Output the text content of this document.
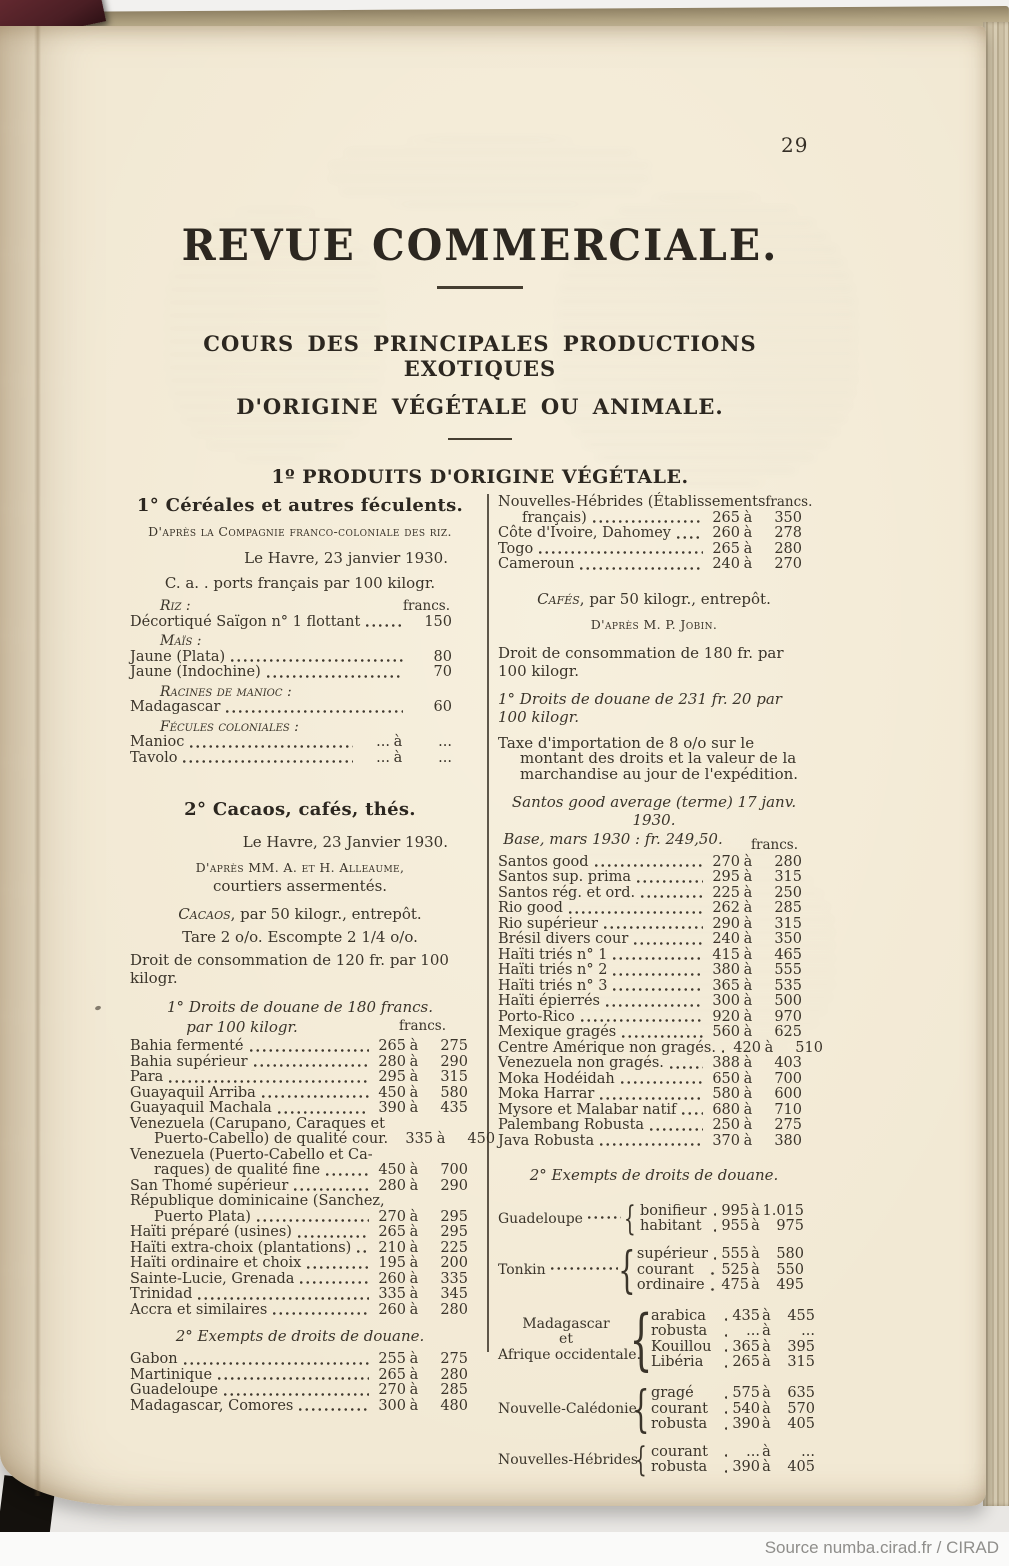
29
REVUE COMMERCIALE.
COURS DES PRINCIPALES PRODUCTIONS EXOTIQUES
D'ORIGINE VÉGÉTALE OU ANIMALE.
1º PRODUITS D'ORIGINE VÉGÉTALE.
1° Céréales et autres féculents.
D'après la Compagnie franco-coloniale des riz.
Le Havre, 23 janvier 1930.
C. a. . ports français par 100 kilogr.
Riz :	francs.
Décortiqué Saïgon n° 1 flottant	150
Maïs :
Jaune (Plata)	80
Jaune (Indochine)	70
Racines de manioc :
Madagascar	60
Fécules coloniales :
Manioc	... à	...
Tavolo	... à	...
2° Cacaos, cafés, thés.
Le Havre, 23 Janvier 1930.
D'après MM. A. et H. Alleaume,
courtiers assermentés.
Cacaos, par 50 kilogr., entrepôt.
Tare 2 o/o. Escompte 2 1/4 o/o.
Droit de consommation de 120 fr. par 100 kilogr.
1° Droits de douane de 180 francs.
par 100 kilogr.	francs.
Bahia fermenté	265 à	275
Bahia supérieur	280 à	290
Para	295 à	315
Guayaquil Arriba	450 à	580
Guayaquil Machala	390 à	435
Venezuela (Carupano, Caraques et
Puerto-Cabello) de qualité cour.	335 à	450
Venezuela (Puerto-Cabello et Ca-
raques) de qualité fine	450 à	700
San Thomé supérieur	280 à	290
République dominicaine (Sanchez,
Puerto Plata)	270 à	295
Haïti préparé (usines)	265 à	295
Haïti extra-choix (plantations)	210 à	225
Haïti ordinaire et choix	195 à	200
Sainte-Lucie, Grenada	260 à	335
Trinidad	335 à	345
Accra et similaires	260 à	280
2° Exempts de droits de douane.
Gabon	255 à	275
Martinique	265 à	280
Guadeloupe	270 à	285
Madagascar, Comores	300 à	480
Nouvelles-Hébrides (Établissements francs.
français)	265 à	350
Côte d'Ivoire, Dahomey	260 à	278
Togo	265 à	280
Cameroun	240 à	270
Cafés, par 50 kilogr., entrepôt.
D'après M. P. Jobin.
Droit de consommation de 180 fr. par 100 kilogr.
1° Droits de douane de 231 fr. 20 par 100 kilogr.
Taxe d'importation de 8 o/o sur le montant des droits et la valeur de la marchandise au jour de l'expédition.
Santos good average (terme) 17 janv. 1930.
Base, mars 1930 : fr. 249,50.	francs.
Santos good	270 à	280
Santos sup. prima	295 à	315
Santos rég. et ord.	225 à	250
Rio good	262 à	285
Rio supérieur	290 à	315
Brésil divers cour	240 à	350
Haïti triés n° 1	415 à	465
Haïti triés n° 2	380 à	555
Haïti triés n° 3	365 à	535
Haïti épierrés	300 à	500
Porto-Rico	920 à	970
Mexique gragés	560 à	625
Centre Amérique non gragés.	420 à	510
Venezuela non gragés.	388 à	403
Moka Hodéidah	650 à	700
Moka Harrar	580 à	600
Mysore et Malabar natif	680 à	710
Palembang Robusta	250 à	275
Java Robusta	370 à	380
2° Exempts de droits de douane.
Guadeloupe { bonifieur 995 à 1.015
habitant	955 à	975
Tonkin { supérieur 555 à	580
courant	525 à	550
ordinaire 475 à	495
Madagascar
et
Afrique occidentale.
{
arabica	435 à	455
robusta	... à	...
Kouillou	365 à	395
Libéria	265 à	315
Nouvelle-Calédonie.
{ gragé	575 à	635
courant	540 à	570
robusta	390 à	405
Nouvelles-Hébrides.
{ courant	... à	...
robusta	390 à	405
Source numba.cirad.fr / CIRAD
